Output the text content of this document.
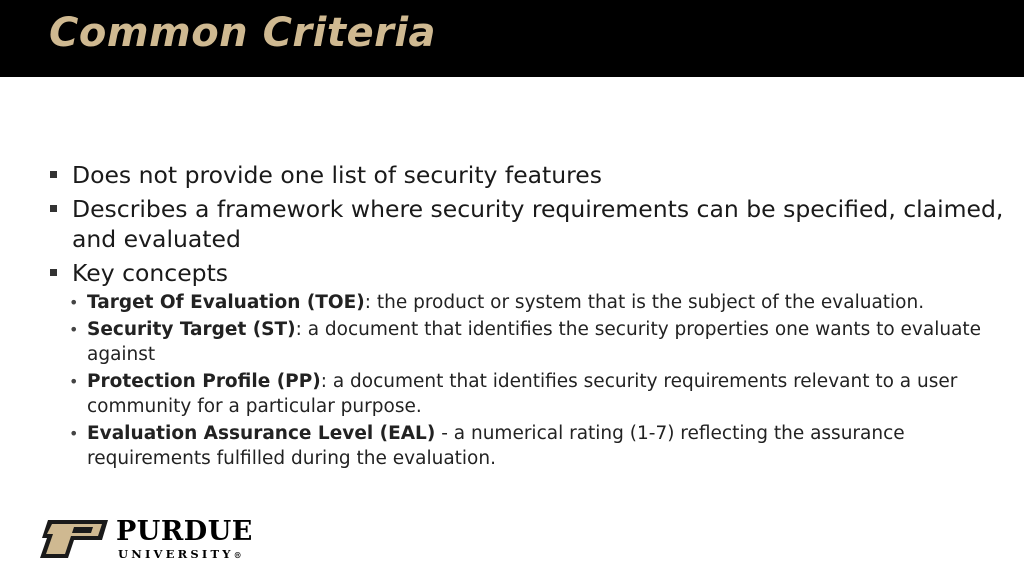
Common Criteria
Does not provide one list of security features
Describes a framework where security requirements can be specified, claimed, and evaluated
Key concepts
• Target Of Evaluation (TOE): the product or system that is the subject of the evaluation.
• Security Target (ST): a document that identifies the security properties one wants to evaluate against
• Protection Profile (PP): a document that identifies security requirements relevant to a user community for a particular purpose.
• Evaluation Assurance Level (EAL) - a numerical rating (1-7) reflecting the assurance requirements fulfilled during the evaluation.
PURDUE
UNIVERSITY®
